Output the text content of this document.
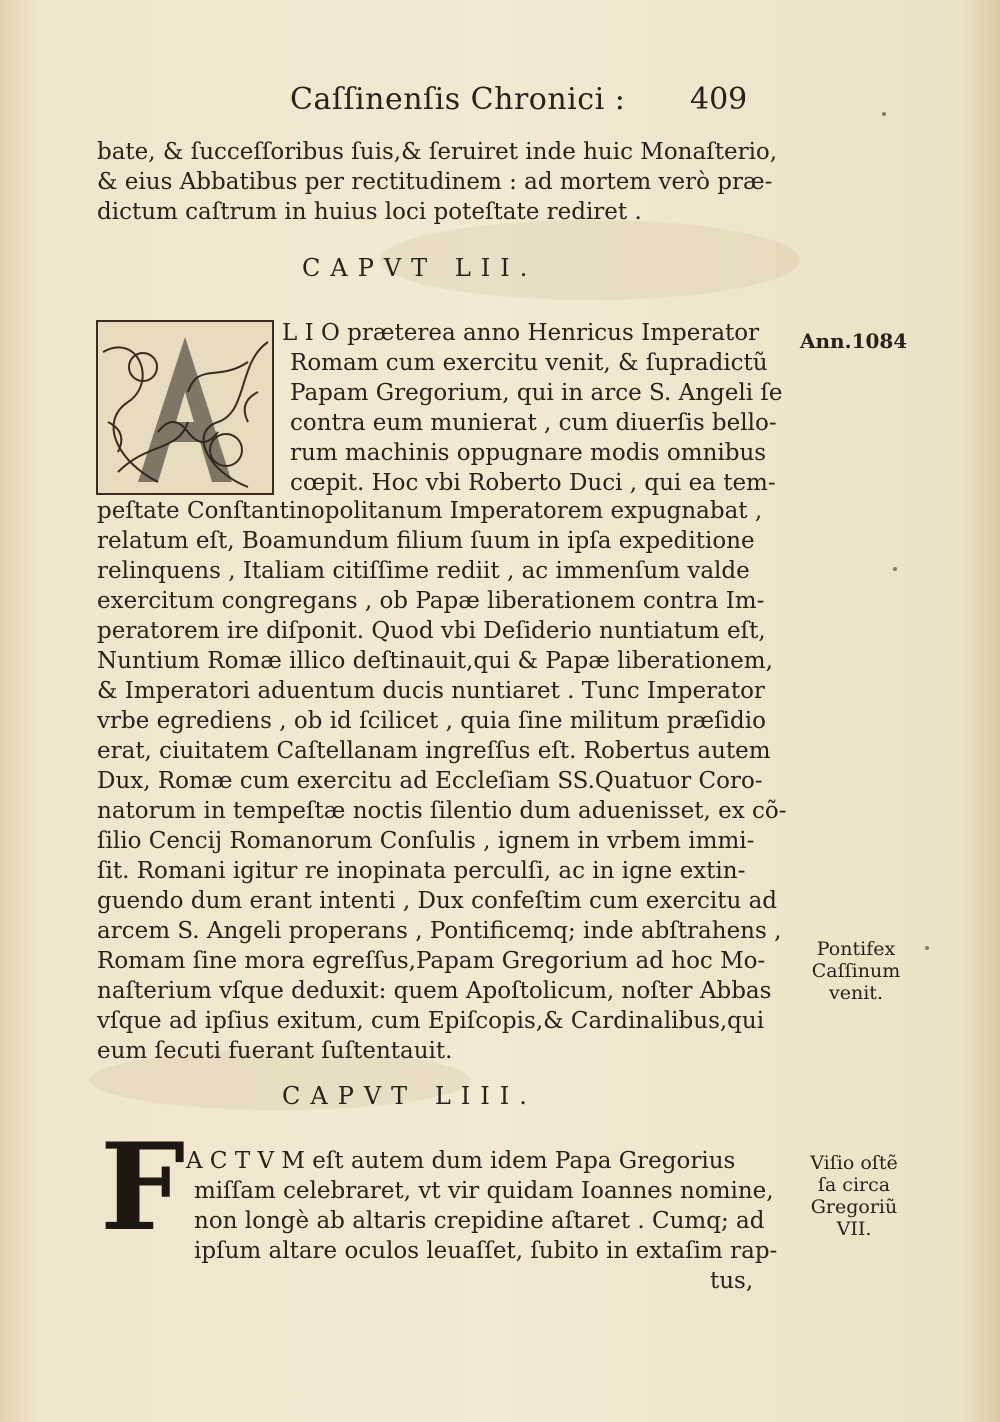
Caſſinenſis Chronici : 409
bate, & ſucceſſoribus ſuis,& ſeruiret inde huic Monaſterio,
& eius Abbatibus per rectitudinem : ad mortem verò præ-
dictum caſtrum in huius loci poteſtate rediret .
CAPVT LII.
L I O præterea anno Henricus Imperator
Romam cum exercitu venit, & ſupradictũ
Papam Gregorium, qui in arce S. Angeli ſe
contra eum munierat , cum diuerſis bello-
rum machinis oppugnare modis omnibus
cœpit. Hoc vbi Roberto Duci , qui ea tem-
peſtate Conſtantinopolitanum Imperatorem expugnabat ,
relatum eſt, Boamundum filium ſuum in ipſa expeditione
relinquens , Italiam citiſſime rediit , ac immenſum valde
exercitum congregans , ob Papæ liberationem contra Im-
peratorem ire diſponit. Quod vbi Deſiderio nuntiatum eſt,
Nuntium Romæ illico deſtinauit,qui & Papæ liberationem,
& Imperatori aduentum ducis nuntiaret . Tunc Imperator
vrbe egrediens , ob id ſcilicet , quia ſine militum præſidio
erat, ciuitatem Caſtellanam ingreſſus eſt. Robertus autem
Dux, Romæ cum exercitu ad Eccleſiam SS.Quatuor Coro-
natorum in tempeſtæ noctis ſilentio dum aduenisset, ex cõ-
ſilio Cencij Romanorum Conſulis , ignem in vrbem immi-
ſit. Romani igitur re inopinata perculſi, ac in igne extin-
guendo dum erant intenti , Dux confeſtim cum exercitu ad
arcem S. Angeli properans , Pontificemq; inde abſtrahens ,
Romam ſine mora egreſſus,Papam Gregorium ad hoc Mo-
naſterium vſque deduxit: quem Apoſtolicum, noſter Abbas
vſque ad ipſius exitum, cum Epiſcopis,& Cardinalibus,qui
eum ſecuti fuerant ſuſtentauit.
CAPVT LIII.
F A C T V M eſt autem dum idem Papa Gregorius
miſſam celebraret, vt vir quidam Ioannes nomine,
non longè ab altaris crepidine aſtaret . Cumq; ad
ipſum altare oculos leuaſſet, ſubito in extaſim rap-
tus,
Ann.1084
Pontifex
Caſſinum
venit.
Viſio oſtẽ
ſa circa
Gregoriũ
VII.
